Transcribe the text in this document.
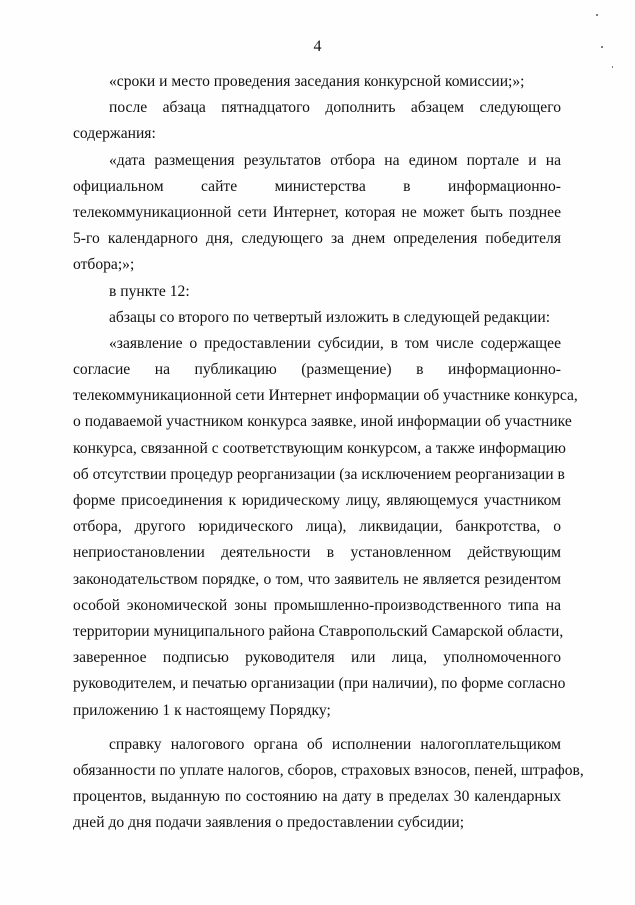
4
«сроки и место проведения заседания конкурсной комиссии;»;
после абзаца пятнадцатого дополнить абзацем следующего
содержания:
«дата размещения результатов отбора на едином портале и на
официальном сайте министерства в информационно-
телекоммуникационной сети Интернет, которая не может быть позднее
5-го календарного дня, следующего за днем определения победителя
отбора;»;
в пункте 12:
абзацы со второго по четвертый изложить в следующей редакции:
«заявление о предоставлении субсидии, в том числе содержащее
согласие на публикацию (размещение) в информационно-
телекоммуникационной сети Интернет информации об участнике конкурса,
о подаваемой участником конкурса заявке, иной информации об участнике
конкурса, связанной с соответствующим конкурсом, а также информацию
об отсутствии процедур реорганизации (за исключением реорганизации в
форме присоединения к юридическому лицу, являющемуся участником
отбора, другого юридического лица), ликвидации, банкротства, о
неприостановлении деятельности в установленном действующим
законодательством порядке, о том, что заявитель не является резидентом
особой экономической зоны промышленно-производственного типа на
территории муниципального района Ставропольский Самарской области,
заверенное подписью руководителя или лица, уполномоченного
руководителем, и печатью организации (при наличии), по форме согласно
приложению 1 к настоящему Порядку;
справку налогового органа об исполнении налогоплательщиком
обязанности по уплате налогов, сборов, страховых взносов, пеней, штрафов,
процентов, выданную по состоянию на дату в пределах 30 календарных
дней до дня подачи заявления о предоставлении субсидии;
